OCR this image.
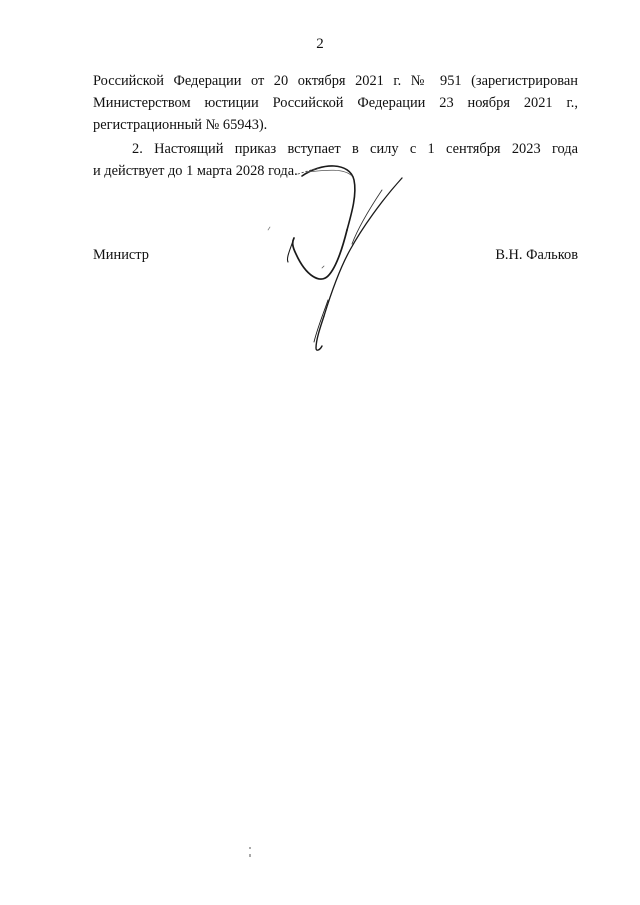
2
Российской Федерации от 20 октября 2021 г. № 951 (зарегистрирован
Министерством юстиции Российской Федерации 23 ноября 2021 г.,
регистрационный № 65943).
2. Настоящий приказ вступает в силу с 1 сентября 2023 года
и действует до 1 марта 2028 года.
Министр	В.Н. Фальков
